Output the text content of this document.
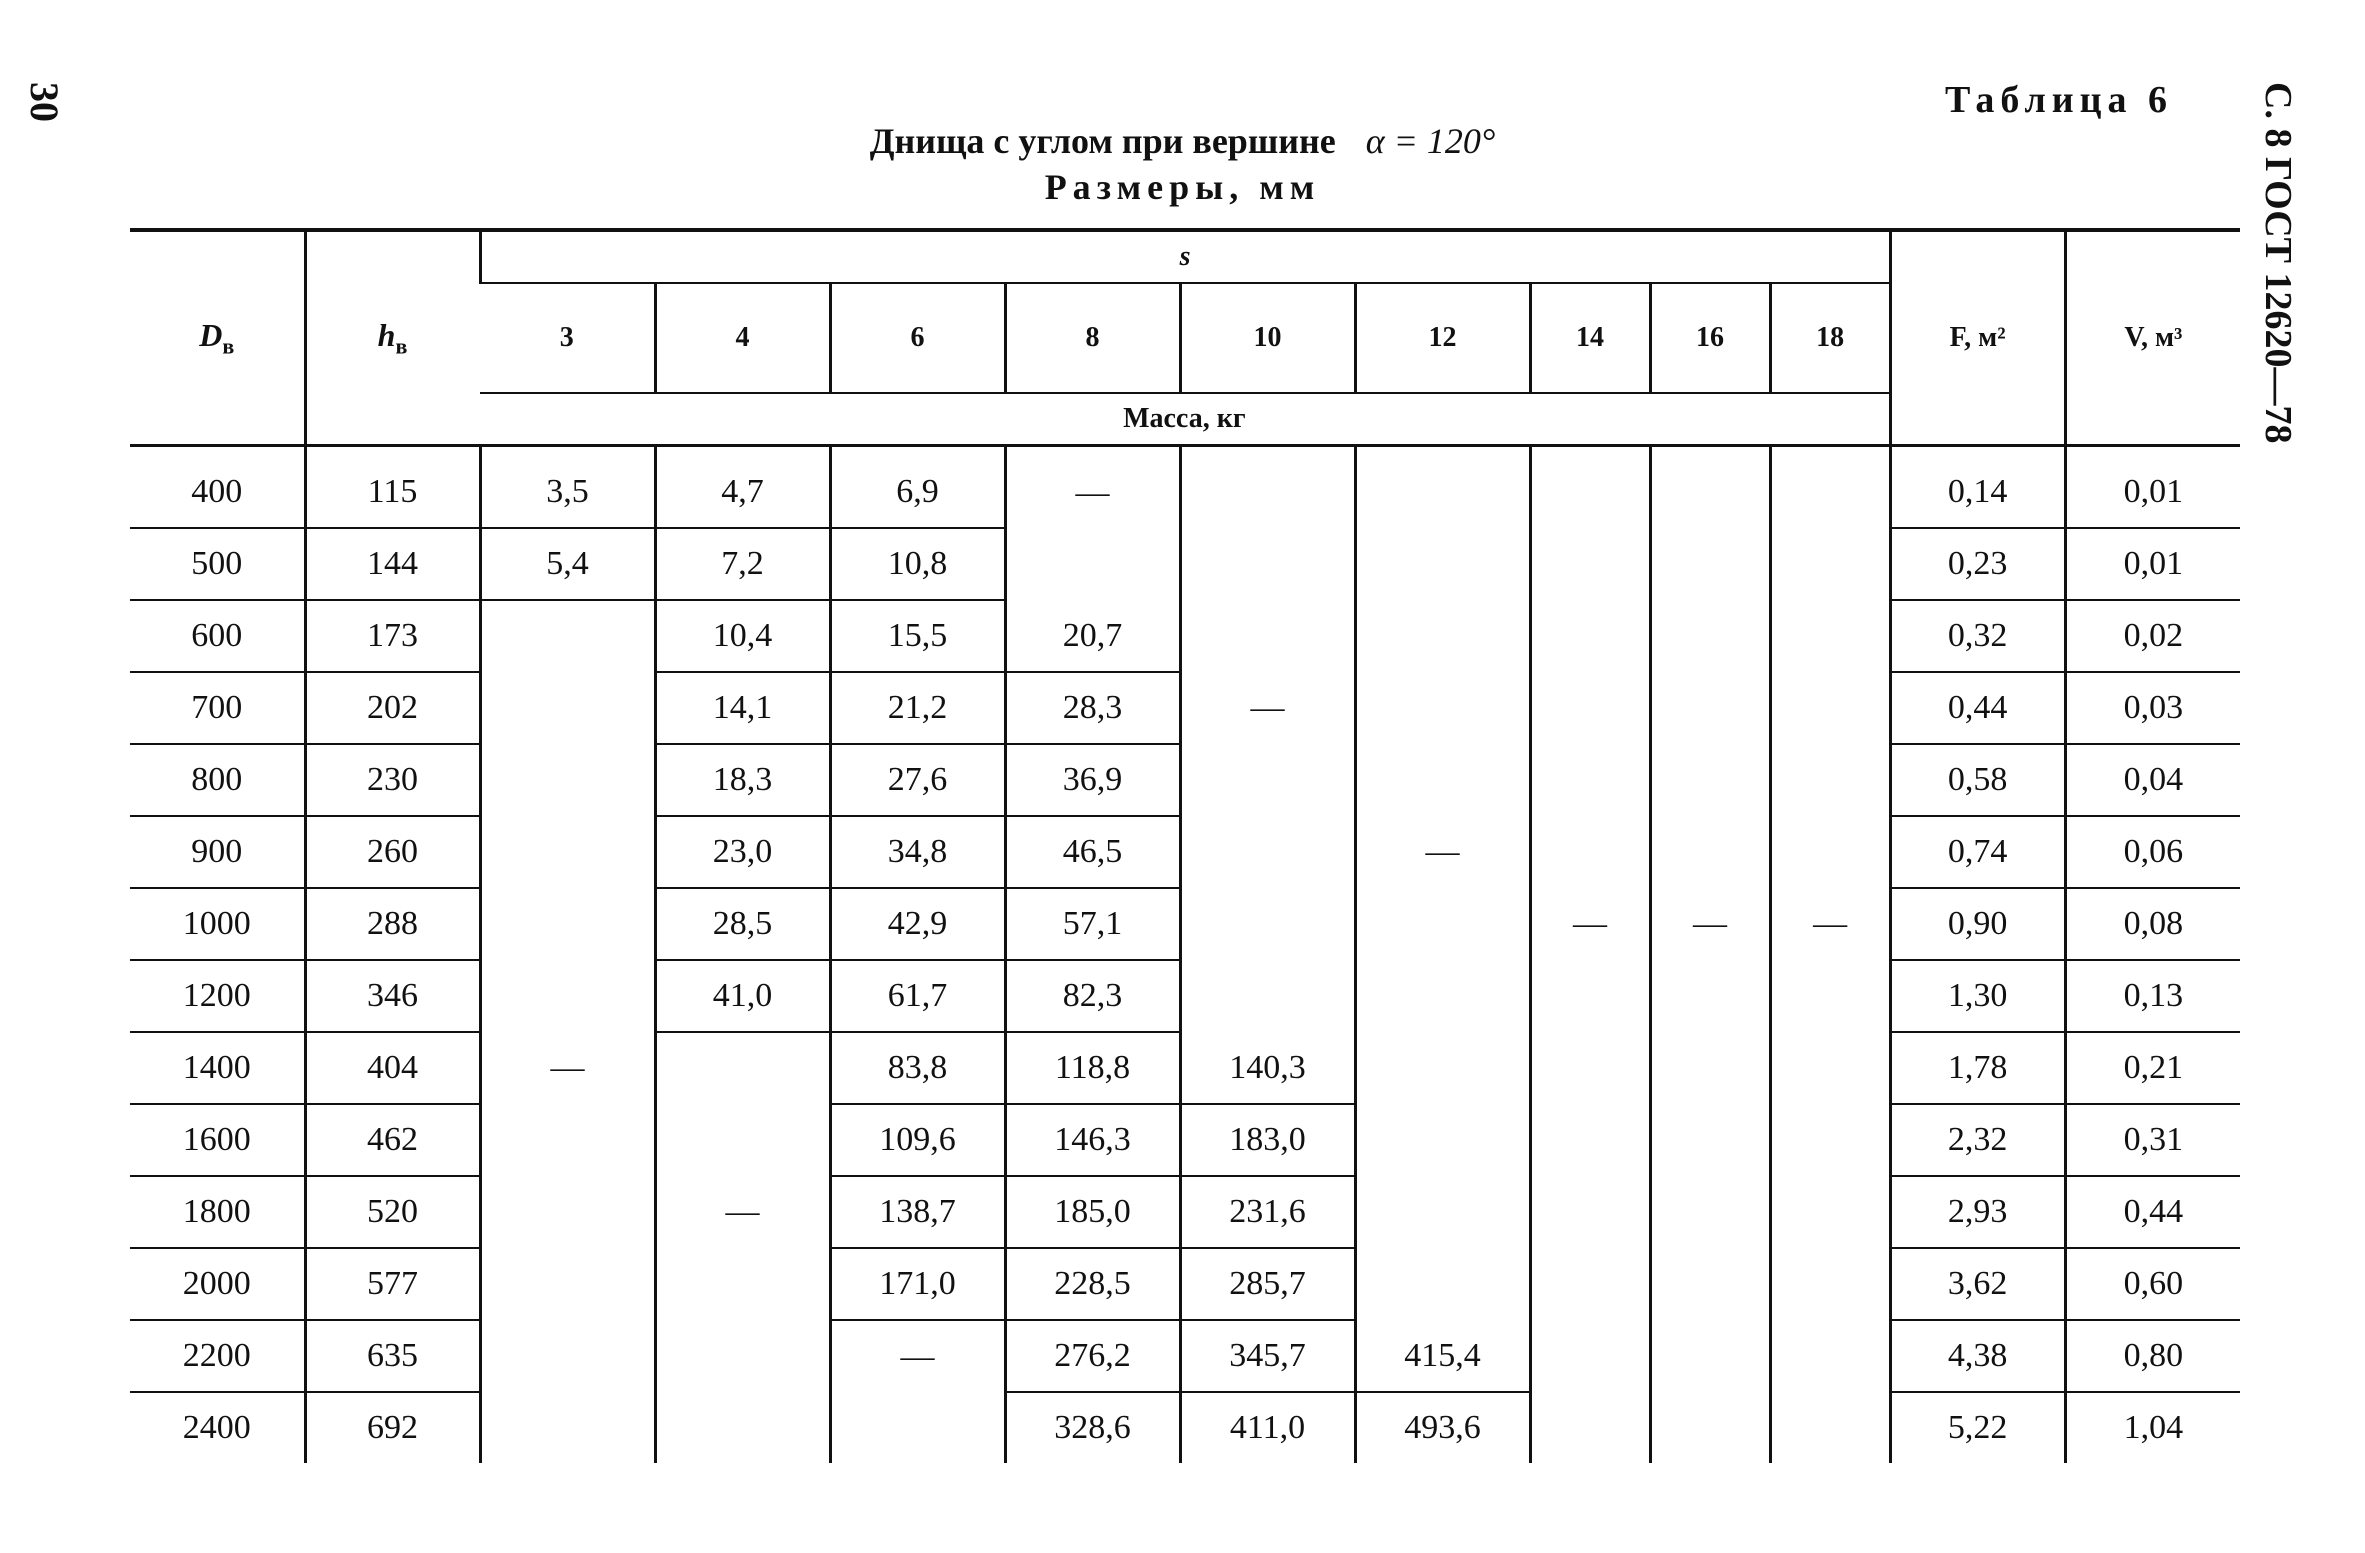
30	Таблица 6 С. 8 ГОСТ 12620—78
Днища с углом при вершине α = 120°
Размеры, мм
$D_в$	$h_в$	s									F, м²	V, м³
		3	4	6	8	10	12	14	16	18		
		Масса, кг										
400	115	3,5	4,7	6,9	—						0,14	0,01
500	144	5,4	7,2	10,8							0,23	0,01
600	173		10,4	15,5	20,7						0,32	0,02
700	202		14,1	21,2	28,3	—					0,44	0,03
800	230		18,3	27,6	36,9						0,58	0,04
900	260		23,0	34,8	46,5		—				0,74	0,06
1000	288		28,5	42,9	57,1			—	—	—	0,90	0,08
1200	346		41,0	61,7	82,3						1,30	0,13
1400	404	—		83,8	118,8	140,3					1,78	0,21
1600	462			109,6	146,3	183,0					2,32	0,31
1800	520		—	138,7	185,0	231,6					2,93	0,44
2000	577			171,0	228,5	285,7					3,62	0,60
2200	635			—	276,2	345,7	415,4				4,38	0,80
2400	692				328,6	411,0	493,6				5,22	1,04
